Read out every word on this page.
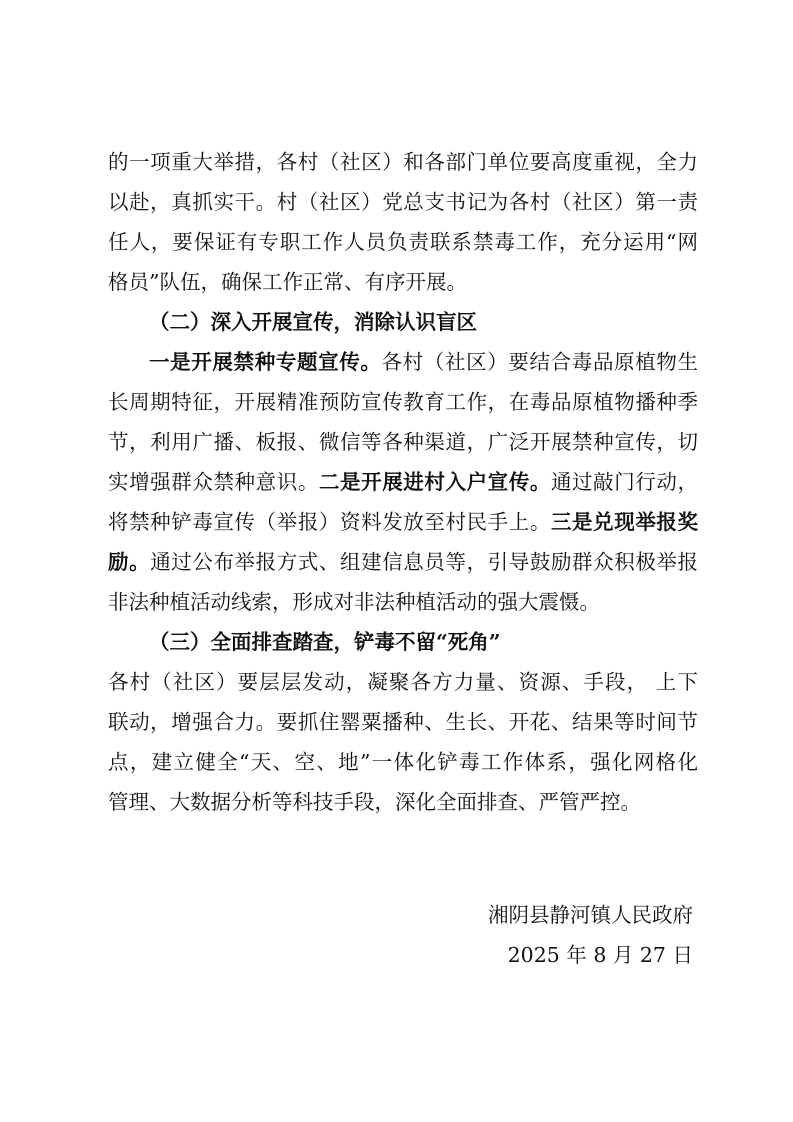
的一项重大举措，各村（社区）和各部门单位要高度重视，全力
以赴，真抓实干。村（社区）党总支书记为各村（社区）第一责
任人，要保证有专职工作人员负责联系禁毒工作，充分运用“网
格员”队伍，确保工作正常、有序开展。
（二）深入开展宣传，消除认识盲区
一是开展禁种专题宣传。各村（社区）要结合毒品原植物生
长周期特征，开展精准预防宣传教育工作，在毒品原植物播种季
节，利用广播、板报、微信等各种渠道，广泛开展禁种宣传，切
实增强群众禁种意识。二是开展进村入户宣传。通过敲门行动，
将禁种铲毒宣传（举报）资料发放至村民手上。三是兑现举报奖
励。通过公布举报方式、组建信息员等，引导鼓励群众积极举报
非法种植活动线索，形成对非法种植活动的强大震慑。
（三）全面排查踏查，铲毒不留“死角”
各村（社区）要层层发动，凝聚各方力量、资源、手段， 上下
联动，增强合力。要抓住罂粟播种、生长、开花、结果等时间节
点，建立健全“天、空、地”一体化铲毒工作体系，强化网格化
管理、大数据分析等科技手段，深化全面排查、严管严控。
湘阴县静河镇人民政府
2025 年 8 月 27 日
